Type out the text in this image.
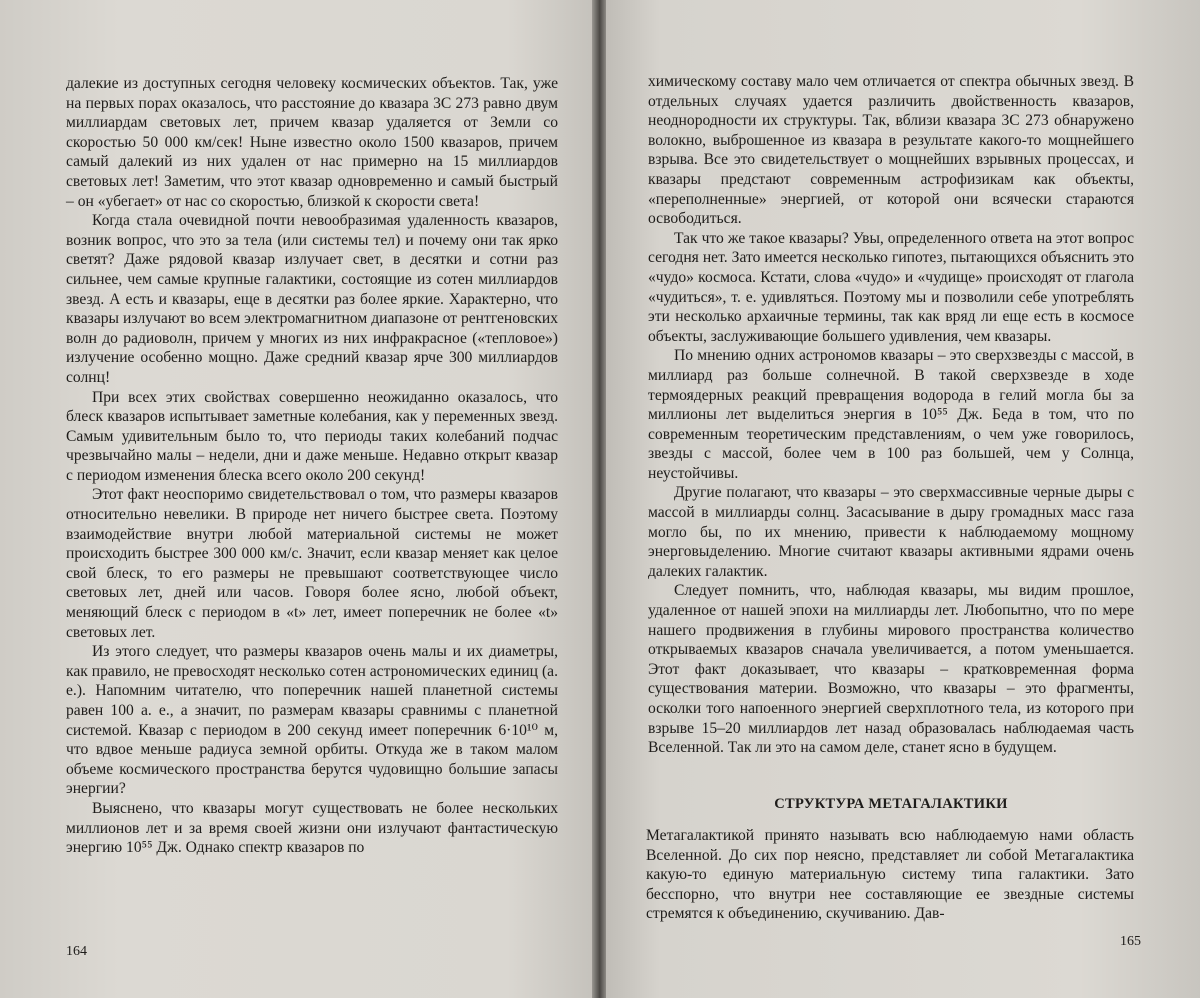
далекие из доступных сегодня человеку космических объектов. Так, уже на первых порах оказалось, что расстояние до квазара 3С 273 равно двум миллиардам световых лет, причем квазар удаляется от Земли со скоростью 50 000 км/сек! Ныне известно около 1500 квазаров, причем самый далекий из них удален от нас примерно на 15 миллиардов световых лет! Заметим, что этот квазар одновременно и самый быстрый – он «убегает» от нас со скоростью, близкой к скорости света!

Когда стала очевидной почти невообразимая удаленность квазаров, возник вопрос, что это за тела (или системы тел) и почему они так ярко светят? Даже рядовой квазар излучает свет, в десятки и сотни раз сильнее, чем самые крупные галактики, состоящие из сотен миллиардов звезд. А есть и квазары, еще в десятки раз более яркие. Характерно, что квазары излучают во всем электромагнитном диапазоне от рентгеновских волн до радиоволн, причем у многих из них инфракрасное («тепловое») излучение особенно мощно. Даже средний квазар ярче 300 миллиардов солнц!

При всех этих свойствах совершенно неожиданно оказалось, что блеск квазаров испытывает заметные колебания, как у переменных звезд. Самым удивительным было то, что периоды таких колебаний подчас чрезвычайно малы – недели, дни и даже меньше. Недавно открыт квазар с периодом изменения блеска всего около 200 секунд!

Этот факт неоспоримо свидетельствовал о том, что размеры квазаров относительно невелики. В природе нет ничего быстрее света. Поэтому взаимодействие внутри любой материальной системы не может происходить быстрее 300 000 км/с. Значит, если квазар меняет как целое свой блеск, то его размеры не превышают соответствующее число световых лет, дней или часов. Говоря более ясно, любой объект, меняющий блеск с периодом в «t» лет, имеет поперечник не более «t» световых лет.

Из этого следует, что размеры квазаров очень малы и их диаметры, как правило, не превосходят несколько сотен астрономических единиц (а. е.). Напомним читателю, что поперечник нашей планетной системы равен 100 а. е., а значит, по размерам квазары сравнимы с планетной системой. Квазар с периодом в 200 секунд имеет поперечник 6·10¹⁰ м, что вдвое меньше радиуса земной орбиты. Откуда же в таком малом объеме космического пространства берутся чудовищно большие запасы энергии?

Выяснено, что квазары могут существовать не более нескольких миллионов лет и за время своей жизни они излучают фантастическую энергию 10⁵⁵ Дж. Однако спектр квазаров по

164

химическому составу мало чем отличается от спектра обычных звезд. В отдельных случаях удается различить двойственность квазаров, неоднородности их структуры. Так, вблизи квазара 3С 273 обнаружено волокно, выброшенное из квазара в результате какого-то мощнейшего взрыва. Все это свидетельствует о мощнейших взрывных процессах, и квазары предстают современным астрофизикам как объекты, «переполненные» энергией, от которой они всячески стараются освободиться.

Так что же такое квазары? Увы, определенного ответа на этот вопрос сегодня нет. Зато имеется несколько гипотез, пытающихся объяснить это «чудо» космоса. Кстати, слова «чудо» и «чудище» происходят от глагола «чудиться», т. е. удивляться. Поэтому мы и позволили себе употреблять эти несколько архаичные термины, так как вряд ли еще есть в космосе объекты, заслуживающие большего удивления, чем квазары.

По мнению одних астрономов квазары – это сверхзвезды с массой, в миллиард раз больше солнечной. В такой сверхзвезде в ходе термоядерных реакций превращения водорода в гелий могла бы за миллионы лет выделиться энергия в 10⁵⁵ Дж. Беда в том, что по современным теоретическим представлениям, о чем уже говорилось, звезды с массой, более чем в 100 раз большей, чем у Солнца, неустойчивы.

Другие полагают, что квазары – это сверхмассивные черные дыры с массой в миллиарды солнц. Засасывание в дыру громадных масс газа могло бы, по их мнению, привести к наблюдаемому мощному энерговыделению. Многие считают квазары активными ядрами очень далеких галактик.

Следует помнить, что, наблюдая квазары, мы видим прошлое, удаленное от нашей эпохи на миллиарды лет. Любопытно, что по мере нашего продвижения в глубины мирового пространства количество открываемых квазаров сначала увеличивается, а потом уменьшается. Этот факт доказывает, что квазары – кратковременная форма существования материи. Возможно, что квазары – это фрагменты, осколки того напоенного энергией сверхплотного тела, из которого при взрыве 15–20 миллиардов лет назад образовалась наблюдаемая часть Вселенной. Так ли это на самом деле, станет ясно в будущем.

СТРУКТУРА МЕТАГАЛАКТИКИ

Метагалактикой принято называть всю наблюдаемую нами область Вселенной. До сих пор неясно, представляет ли собой Метагалактика какую-то единую материальную систему типа галактики. Зато бесспорно, что внутри нее составляющие ее звездные системы стремятся к объединению, скучиванию. Дав-

165
